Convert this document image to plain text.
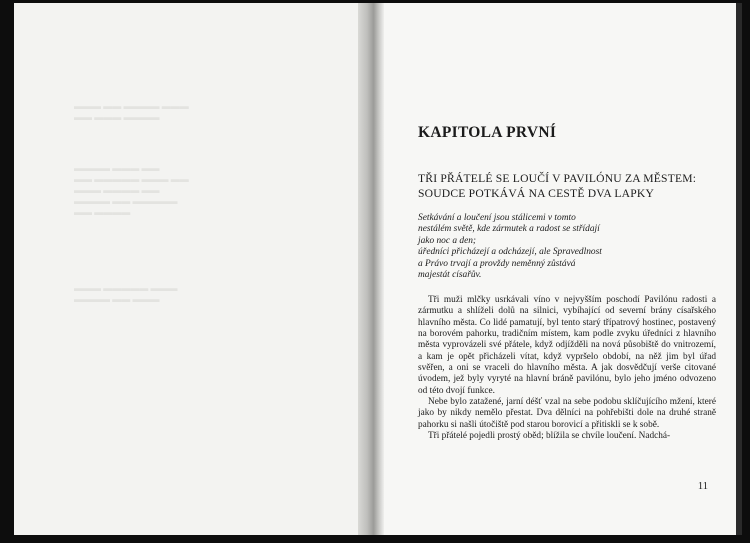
▬▬▬ ▬▬ ▬▬▬▬ ▬▬▬
▬▬ ▬▬▬ ▬▬▬▬
▬▬▬▬ ▬▬▬ ▬▬
▬▬ ▬▬▬▬▬ ▬▬▬ ▬▬
▬▬▬ ▬▬▬▬ ▬▬
▬▬▬▬ ▬▬ ▬▬▬▬▬
▬▬ ▬▬▬▬
▬▬▬ ▬▬▬▬▬ ▬▬▬
▬▬▬▬ ▬▬ ▬▬▬
KAPITOLA PRVNÍ
TŘI PŘÁTELÉ SE LOUČÍ V PAVILÓNU ZA MĚSTEM:
SOUDCE POTKÁVÁ NA CESTĚ DVA LAPKY
Setkávání a loučení jsou stálicemi v tomto
nestálém světě, kde zármutek a radost se střídají
jako noc a den;
úředníci přicházejí a odcházejí, ale Spravedlnost
a Právo trvají a provždy neměnný zůstává
majestát císařův.

Tři muži mlčky usrkávali víno v nejvyšším poschodí Pavilónu radosti a zármutku a shlíželi dolů na silnici, vybíhající od severní brány císařského hlavního města. Co lidé pamatují, byl tento starý třípatrový hostinec, postavený na borovém pahorku, tradičním místem, kam podle zvyku úředníci z hlavního města vyprovázeli své přátele, když odjížděli na nová působiště do vnitrozemí, a kam je opět přicházeli vítat, když vypršelo období, na něž jim byl úřad svěřen, a oni se vraceli do hlavního města. A jak dosvědčují verše citované úvodem, jež byly vyryté na hlavní bráně pavilónu, bylo jeho jméno odvozeno od této dvojí funkce.

Nebe bylo zatažené, jarní déšť vzal na sebe podobu sklíčujícího mžení, které jako by nikdy nemělo přestat. Dva dělníci na pohřebišti dole na druhé straně pahorku si našli útočiště pod starou borovicí a přitiskli se k sobě.

Tři přátelé pojedli prostý oběd; blížila se chvíle loučení. Nadchá-

11
